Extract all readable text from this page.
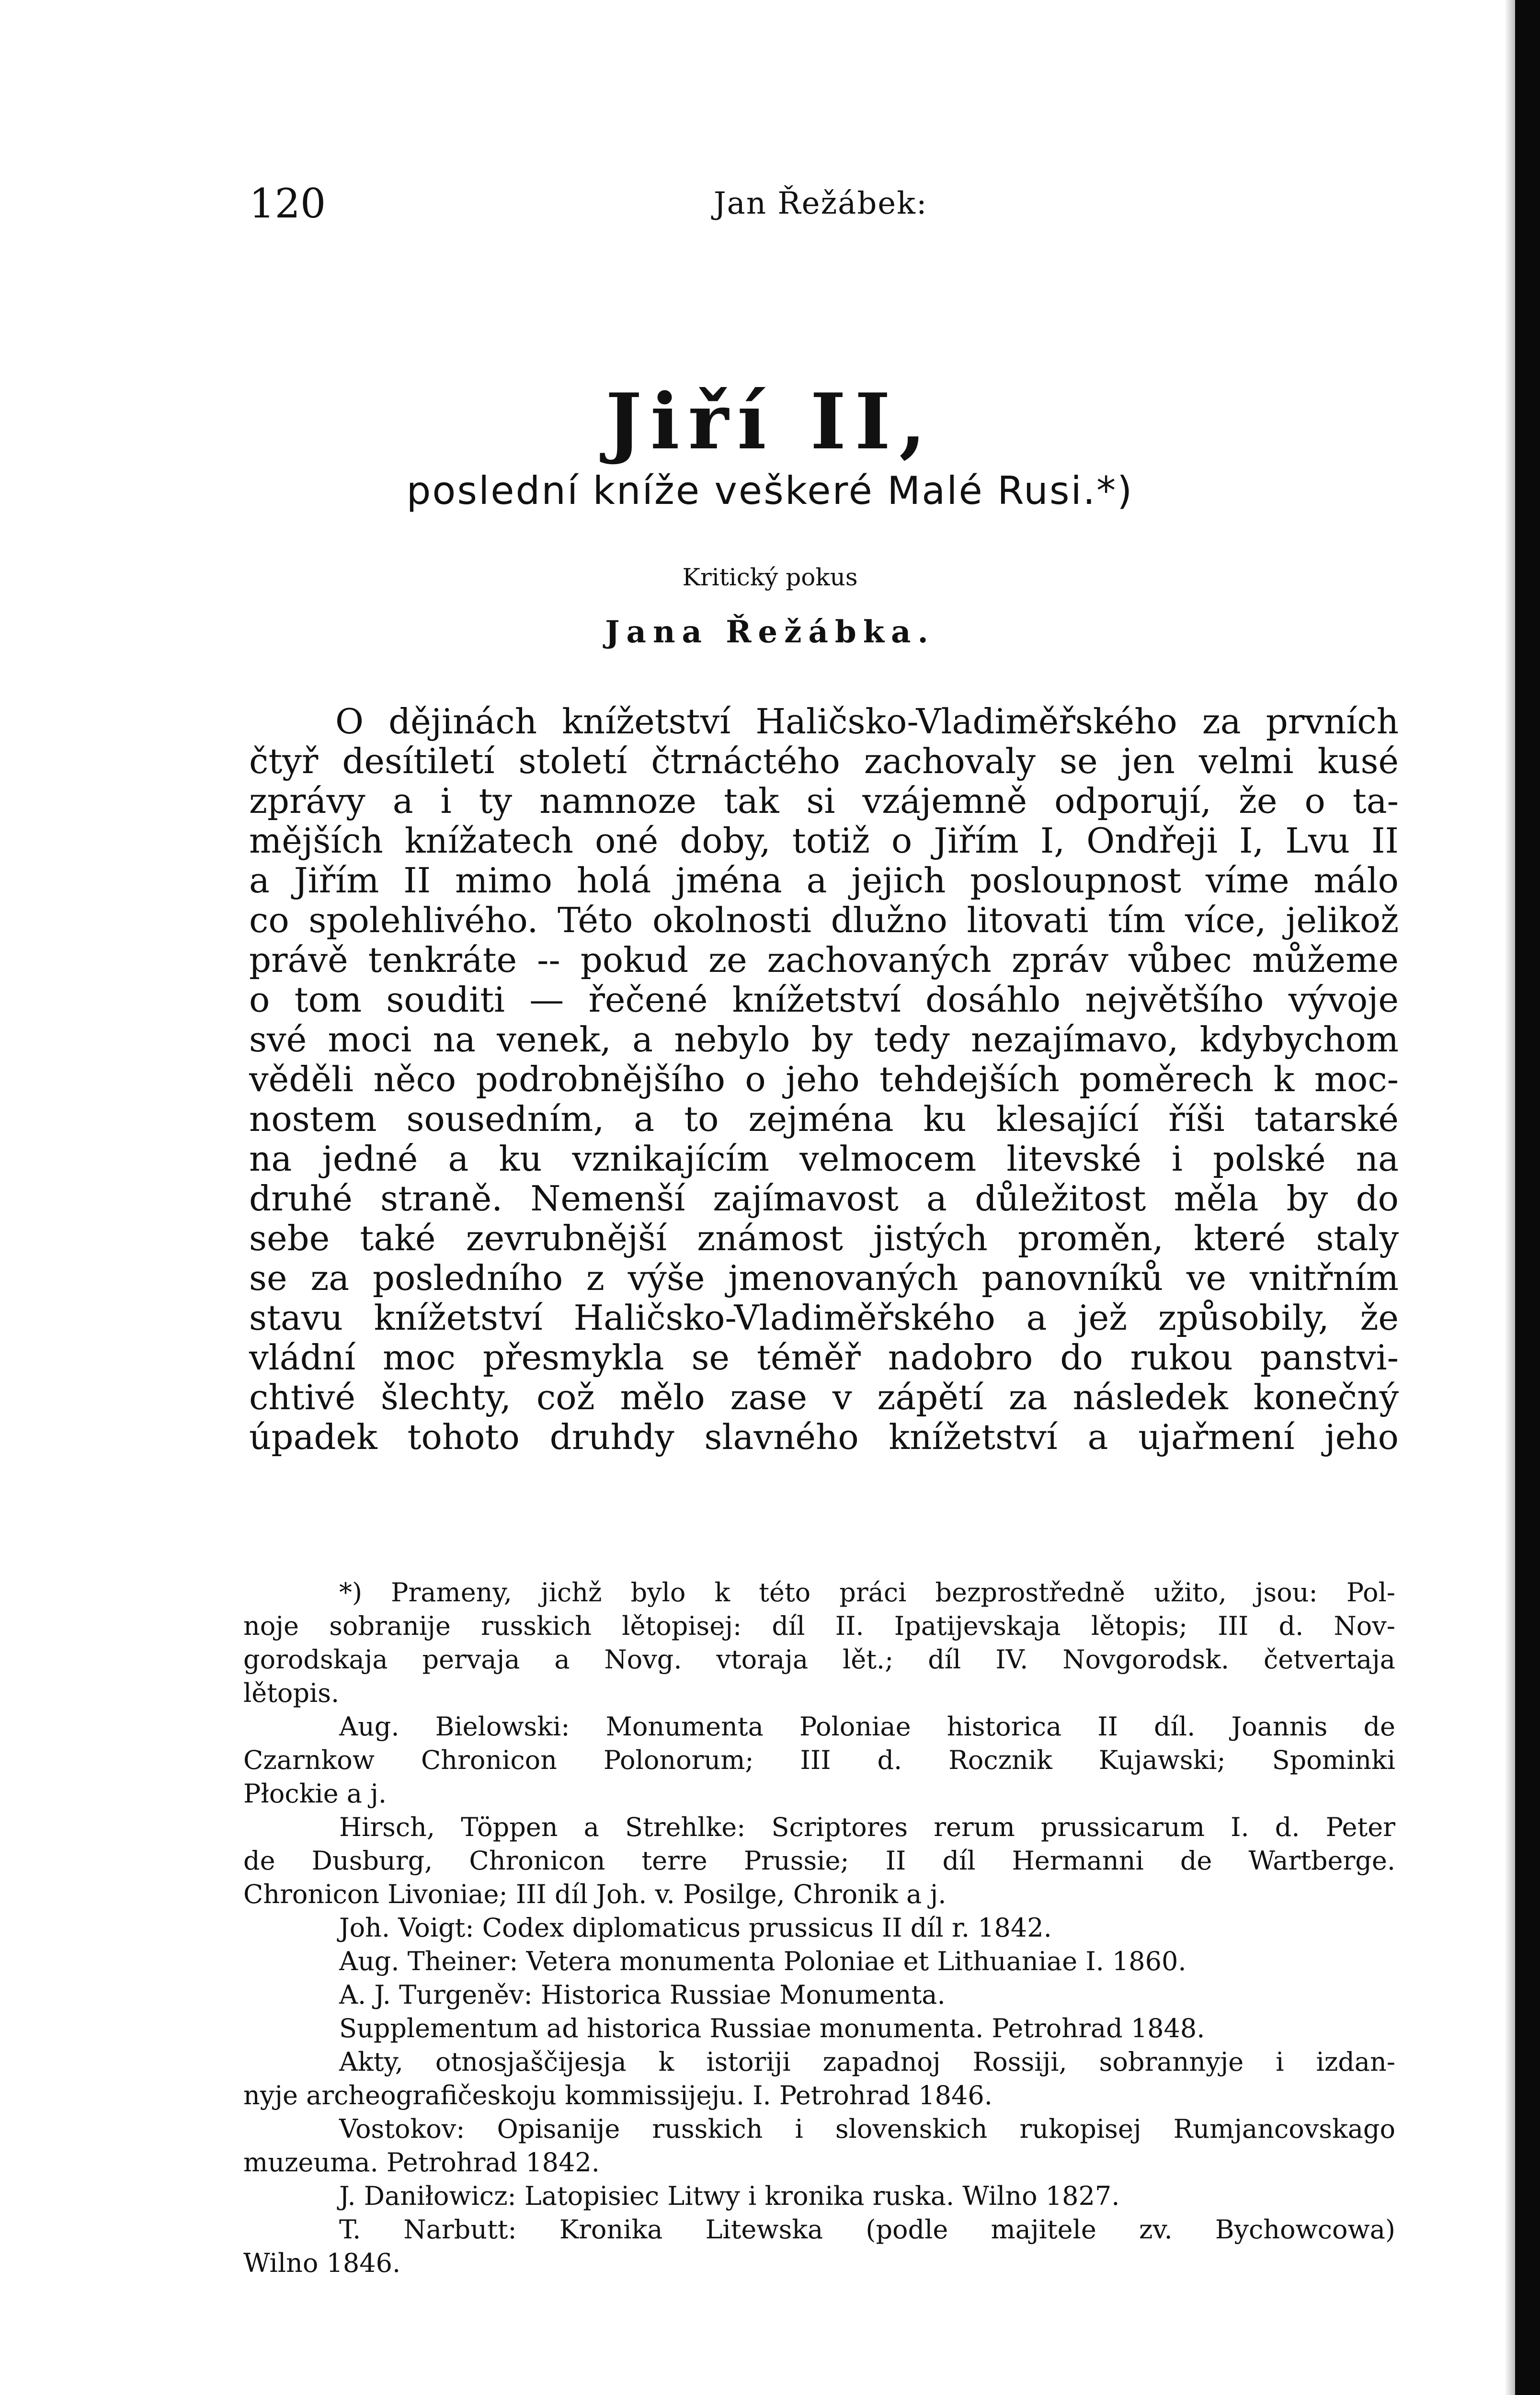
120	Jan Řežábek:
Jiří II,
poslední kníže veškeré Malé Rusi.*)
Kritický pokus
Jana Řežábka.
O dějinách knížetství Haličsko-Vladiměřského za prvních
čtyř desítiletí století čtrnáctého zachovaly se jen velmi kusé
zprávy a i ty namnoze tak si vzájemně odporují, že o ta-
mějších knížatech oné doby, totiž o Jiřím I, Ondřeji I, Lvu II
a Jiřím II mimo holá jména a jejich posloupnost víme málo
co spolehlivého. Této okolnosti dlužno litovati tím více, jelikož
právě tenkráte -- pokud ze zachovaných zpráv vůbec můžeme
o tom souditi — řečené knížetství dosáhlo největšího vývoje
své moci na venek, a nebylo by tedy nezajímavo, kdybychom
věděli něco podrobnějšího o jeho tehdejších poměrech k moc-
nostem sousedním, a to zejména ku klesající říši tatarské
na jedné a ku vznikajícím velmocem litevské i polské na
druhé straně. Nemenší zajímavost a důležitost měla by do
sebe také zevrubnější známost jistých proměn, které staly
se za posledního z výše jmenovaných panovníků ve vnitřním
stavu knížetství Haličsko-Vladiměřského a jež způsobily, že
vládní moc přesmykla se téměř nadobro do rukou panstvi-
chtivé šlechty, což mělo zase v zápětí za následek konečný
úpadek tohoto druhdy slavného knížetství a ujařmení jeho
*) Prameny, jichž bylo k této práci bezprostředně užito, jsou: Pol-
noje sobranije russkich lětopisej: díl II. Ipatijevskaja lětopis; III d. Nov-
gorodskaja pervaja a Novg. vtoraja lět.; díl IV. Novgorodsk. četvertaja
lětopis.
Aug. Bielowski: Monumenta Poloniae historica II díl. Joannis de
Czarnkow Chronicon Polonorum; III d. Rocznik Kujawski; Spominki
Płockie a j.
Hirsch, Töppen a Strehlke: Scriptores rerum prussicarum I. d. Peter
de Dusburg, Chronicon terre Prussie; II díl Hermanni de Wartberge.
Chronicon Livoniae; III díl Joh. v. Posilge, Chronik a j.
Joh. Voigt: Codex diplomaticus prussicus II díl r. 1842.
Aug. Theiner: Vetera monumenta Poloniae et Lithuaniae I. 1860.
A. J. Turgeněv: Historica Russiae Monumenta.
Supplementum ad historica Russiae monumenta. Petrohrad 1848.
Akty, otnosjaščijesja k istoriji zapadnoj Rossiji, sobrannyje i izdan-
nyje archeografičeskoju kommissijeju. I. Petrohrad 1846.
Vostokov: Opisanije russkich i slovenskich rukopisej Rumjancovskago
muzeuma. Petrohrad 1842.
J. Daniłowicz: Latopisiec Litwy i kronika ruska. Wilno 1827.
T. Narbutt: Kronika Litewska (podle majitele zv. Bychowcowa)
Wilno 1846.
